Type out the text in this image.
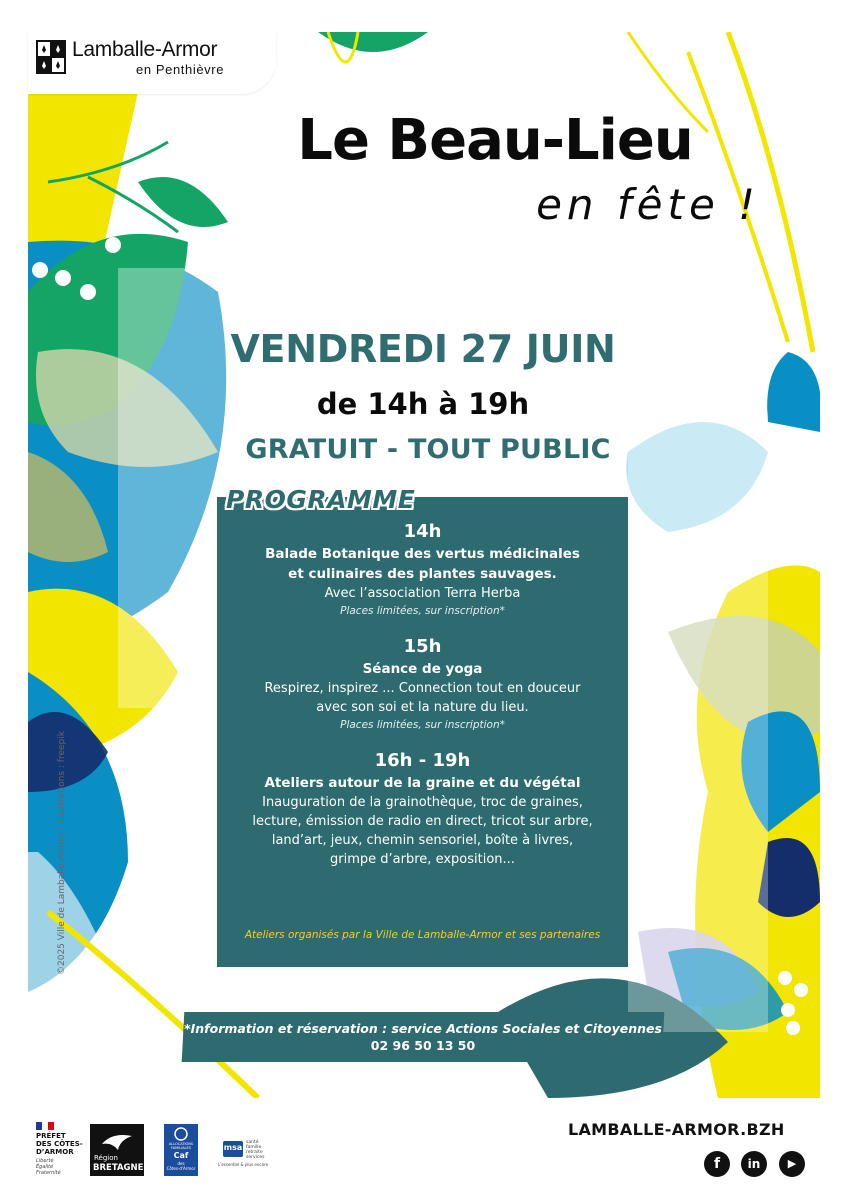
Lamballe-Armor
en Penthièvre
Le Beau-Lieu
en fête !
VENDREDI 27 JUIN
de 14h à 19h
GRATUIT - TOUT PUBLIC
PROGRAMME
14h
Balade Botanique des vertus médicinales
et culinaires des plantes sauvages.
Avec l’association Terra Herba
Places limitées, sur inscription*
15h
Séance de yoga
Respirez, inspirez ... Connection tout en douceur
avec son soi et la nature du lieu.
Places limitées, sur inscription*
16h - 19h
Ateliers autour de la graine et du végétal
Inauguration de la grainothèque, troc de graines,
lecture, émission de radio en direct, tricot sur arbre,
land’art, jeux, chemin sensoriel, boîte à livres,
grimpe d’arbre, exposition...
Ateliers organisés par la Ville de Lamballe-Armor et ses partenaires
*Information et réservation : service Actions Sociales et Citoyennes
02 96 50 13 50
©2025 Ville de Lamballe-Armor - illustrations : freepik
PRÉFET
DES CÔTES-
D’ARMOR
Liberté
Égalité
Fraternité
Région
BRETAGNE
ALLOCATIONS
FAMILIALES
Caf
des
Côtes-d'Armor
msa
santé
famille
retraite
services
L'essentiel & plus encore
LAMBALLE-ARMOR.BZH
f	in	▶
